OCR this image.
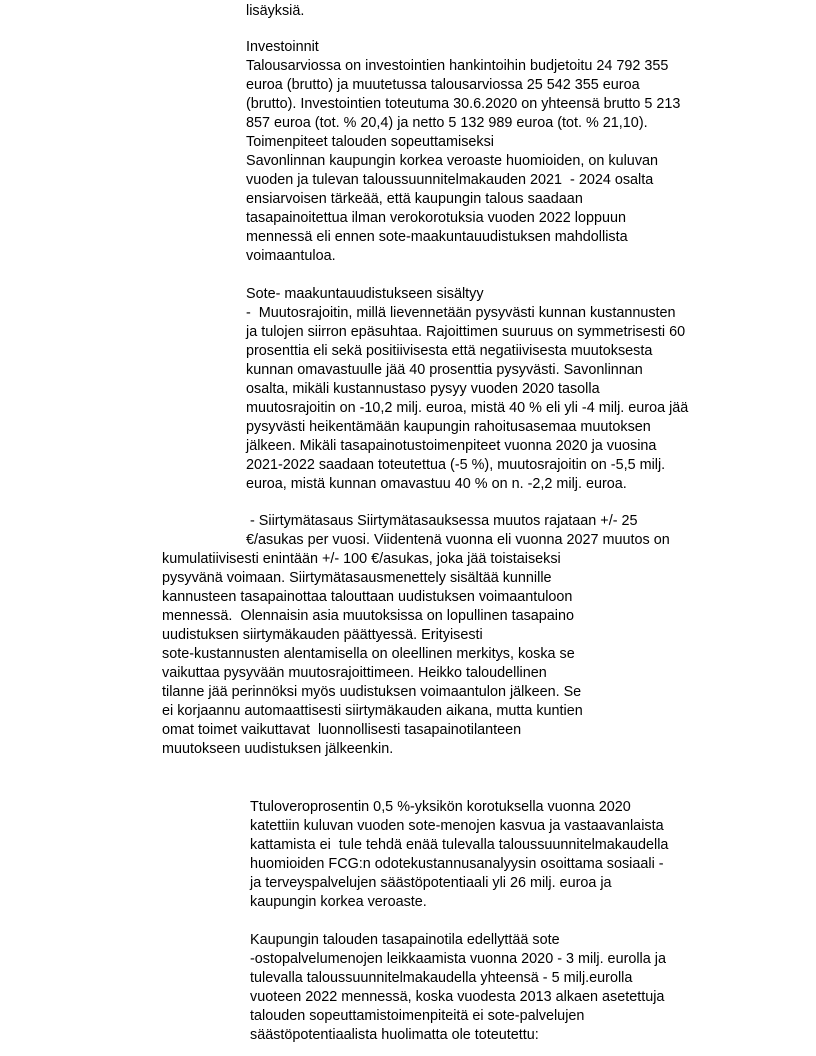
lisäyksiä.
Investoinnit
Talousarviossa on investointien hankintoihin budjetoitu 24 792 355
euroa (brutto) ja muutetussa talousarviossa 25 542 355 euroa
(brutto). Investointien toteutuma 30.6.2020 on yhteensä brutto 5 213
857 euroa (tot. % 20,4) ja netto 5 132 989 euroa (tot. % 21,10).
Toimenpiteet talouden sopeuttamiseksi
Savonlinnan kaupungin korkea veroaste huomioiden, on kuluvan
vuoden ja tulevan taloussuunnitelmakauden 2021  - 2024 osalta
ensiarvoisen tärkeää, että kaupungin talous saadaan
tasapainoitettua ilman verokorotuksia vuoden 2022 loppuun
mennessä eli ennen sote-maakuntauudistuksen mahdollista
voimaantuloa.
Sote- maakuntauudistukseen sisältyy
-  Muutosrajoitin, millä lievennetään pysyvästi kunnan kustannusten
ja tulojen siirron epäsuhtaa. Rajoittimen suuruus on symmetrisesti 60
prosenttia eli sekä positiivisesta että negatiivisesta muutoksesta
kunnan omavastuulle jää 40 prosenttia pysyvästi. Savonlinnan
osalta, mikäli kustannustaso pysyy vuoden 2020 tasolla
muutosrajoitin on -10,2 milj. euroa, mistä 40 % eli yli -4 milj. euroa jää
pysyvästi heikentämään kaupungin rahoitusasemaa muutoksen
jälkeen. Mikäli tasapainotustoimenpiteet vuonna 2020 ja vuosina
2021-2022 saadaan toteutettua (-5 %), muutosrajoitin on -5,5 milj.
euroa, mistä kunnan omavastuu 40 % on n. -2,2 milj. euroa.
- Siirtymätasaus Siirtymätasauksessa muutos rajataan +/- 25
€/asukas per vuosi. Viidentenä vuonna eli vuonna 2027 muutos on
kumulatiivisesti enintään +/- 100 €/asukas, joka jää toistaiseksi
pysyvänä voimaan. Siirtymätasausmenettely sisältää kunnille
kannusteen tasapainottaa talouttaan uudistuksen voimaantuloon
mennessä.  Olennaisin asia muutoksissa on lopullinen tasapaino
uudistuksen siirtymäkauden päättyessä. Erityisesti
sote-kustannusten alentamisella on oleellinen merkitys, koska se
vaikuttaa pysyvään muutosrajoittimeen. Heikko taloudellinen
tilanne jää perinnöksi myös uudistuksen voimaantulon jälkeen. Se
ei korjaannu automaattisesti siirtymäkauden aikana, mutta kuntien
omat toimet vaikuttavat  luonnollisesti tasapainotilanteen
muutokseen uudistuksen jälkeenkin.
Ttuloveroprosentin 0,5 %-yksikön korotuksella vuonna 2020
katettiin kuluvan vuoden sote-menojen kasvua ja vastaavanlaista
kattamista ei  tule tehdä enää tulevalla taloussuunnitelmakaudella
huomioiden FCG:n odotekustannusanalyysin osoittama sosiaali -
ja terveyspalvelujen säästöpotentiaali yli 26 milj. euroa ja
kaupungin korkea veroaste.
Kaupungin talouden tasapainotila edellyttää sote
-ostopalvelumenojen leikkaamista vuonna 2020 - 3 milj. eurolla ja
tulevalla taloussuunnitelmakaudella yhteensä - 5 milj.eurolla
vuoteen 2022 mennessä, koska vuodesta 2013 alkaen asetettuja
talouden sopeuttamistoimenpiteitä ei sote-palvelujen
säästöpotentiaalista huolimatta ole toteutettu:
